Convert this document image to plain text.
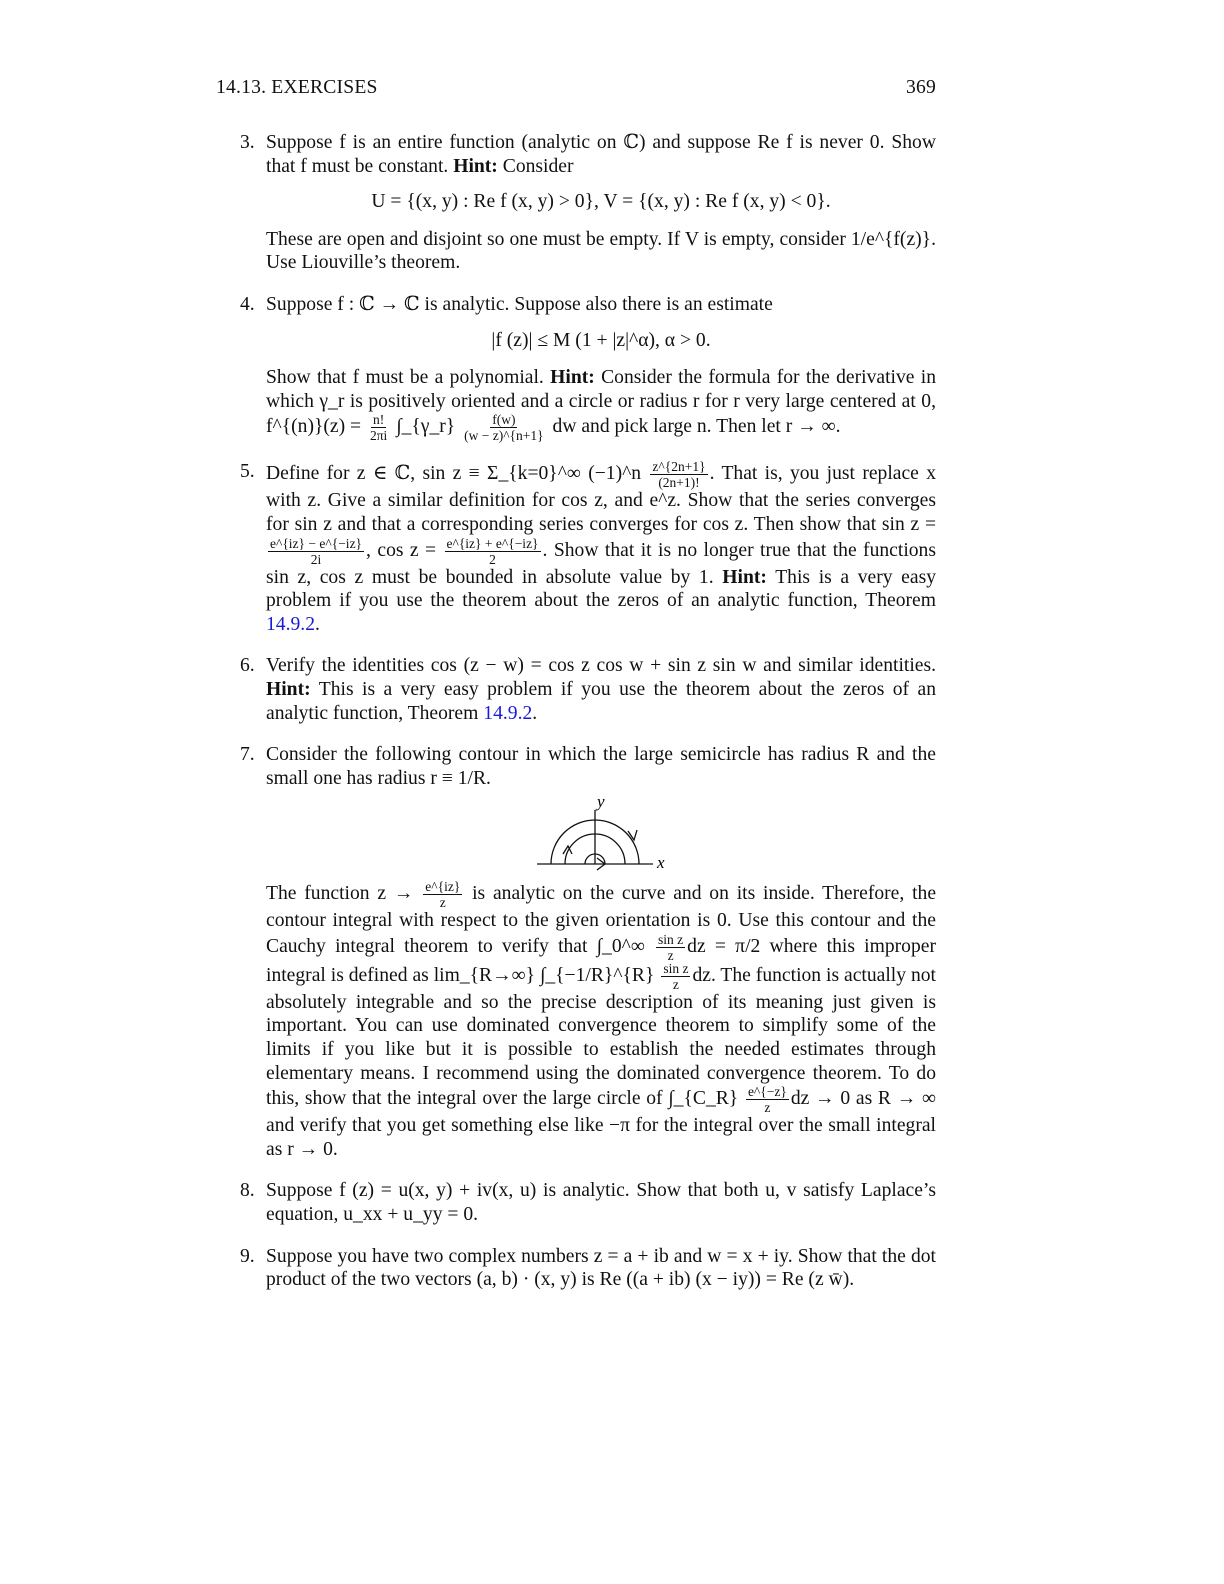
14.13. EXERCISES	369
3. Suppose f is an entire function (analytic on ℂ) and suppose Re f is never 0. Show that f must be constant. Hint: Consider

U = {(x, y) : Re f (x, y) > 0}, V = {(x, y) : Re f (x, y) < 0}.

These are open and disjoint so one must be empty. If V is empty, consider 1/e^{f(z)}. Use Liouville’s theorem.

4. Suppose f : ℂ → ℂ is analytic. Suppose also there is an estimate

|f (z)| ≤ M (1 + |z|^α), α > 0.

Show that f must be a polynomial. Hint: Consider the formula for the derivative in which γ_r is positively oriented and a circle or radius r for r very large centered at 0, f^{(n)}(z) = $\frac{n!}{2\pi i}$ ∫_{γ_r} $\frac{f(w)}{(w - z)\^{}\{n+1\}}$ dw and pick large n. Then let r → ∞.

5. Define for z ∈ ℂ, sin z ≡ Σ_{k=0}^∞ (−1)^n $\frac{z\^{}\{2n+1\}}{(2n+1)!}$ . That is, you just replace x with z. Give a similar definition for cos z, and e^z. Show that the series converges for sin z and that a corresponding series converges for cos z. Then show that sin z =
$\frac{e\^{}\{iz\} - e\^{}\{-iz\}}{2i}$ , $\cos z = \frac{e\^{}\{iz\} + e\^{}\{-iz\}}{2}$ . Show that it is no longer true that the functions sin z, cos z must be bounded in absolute value by 1. Hint: This is a very easy problem if you use the theorem about the zeros of an analytic function, Theorem 14.9.2.

6. Verify the identities cos (z − w) = cos z cos w + sin z sin w and similar identities. Hint: This is a very easy problem if you use the theorem about the zeros of an analytic function, Theorem 14.9.2.

7. Consider the following contour in which the large semicircle has radius R and the small one has radius r ≡ 1/R.

y
x

The function $z \to \frac{e\^{}\{iz\}}{z}$ is analytic on the curve and on its inside. Therefore, the contour integral with respect to the given orientation is 0. Use this contour and the Cauchy integral theorem to verify that ∫_0^∞ $\frac{\text{sin z}}{z}$ dz = π/2 where this improper integral is defined as lim_{R→∞} ∫_{−1/R}^{R} $\frac{\text{sin z}}{z}$ dz. The function is actually not absolutely integrable and so the precise description of its meaning just given is important. You can use dominated convergence theorem to simplify some of the limits if you like but it is possible to establish the needed estimates through elementary means. I recommend using the dominated convergence theorem. To do this, show that the integral over the large circle of ∫_{C_R} $\frac{e\^{}\{-z\}}{z}$ dz → 0 as R → ∞ and verify that you get something else like −π for the integral over the small integral as r → 0.

8. Suppose f (z) = u(x, y) + iv(x, u) is analytic. Show that both u, v satisfy Laplace’s equation, u_xx + u_yy = 0.

9. Suppose you have two complex numbers z = a + ib and w = x + iy. Show that the dot product of the two vectors (a, b) · (x, y) is Re ((a + ib) (x − iy)) = Re (z w̄).
